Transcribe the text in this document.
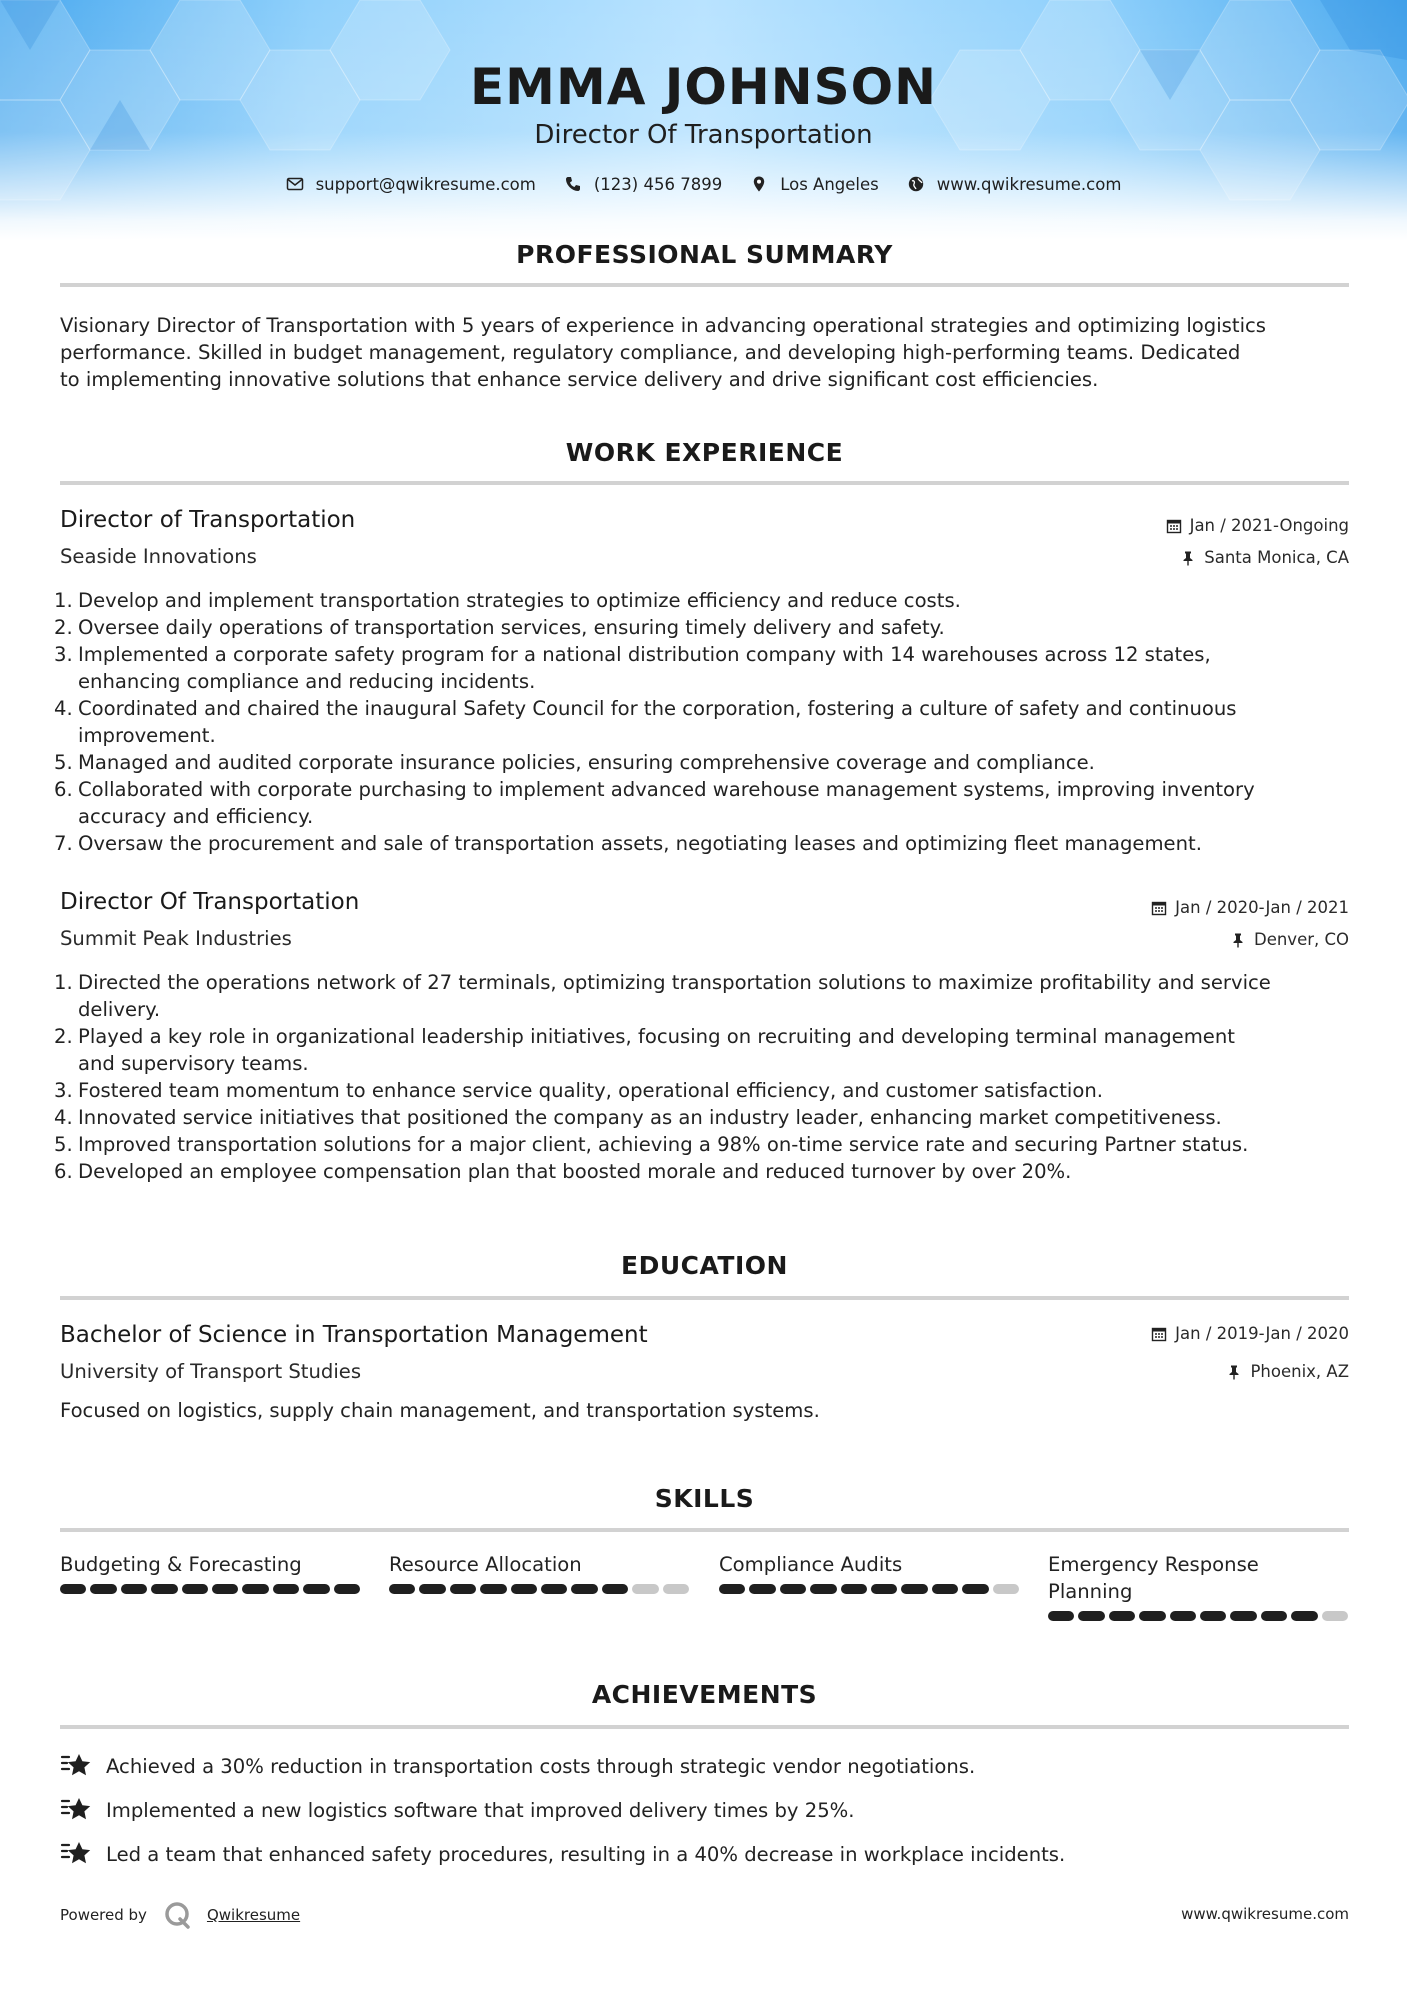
EMMA JOHNSON
Director Of Transportation
support@qwikresume.com	(123) 456 7899	Los Angeles	www.qwikresume.com
PROFESSIONAL SUMMARY
Visionary Director of Transportation with 5 years of experience in advancing operational strategies and optimizing logistics
performance. Skilled in budget management, regulatory compliance, and developing high-performing teams. Dedicated
to implementing innovative solutions that enhance service delivery and drive significant cost efficiencies.
WORK EXPERIENCE
Director of Transportation	Jan / 2021-Ongoing
Seaside Innovations	Santa Monica, CA
1. Develop and implement transportation strategies to optimize efficiency and reduce costs.
2. Oversee daily operations of transportation services, ensuring timely delivery and safety.
3. Implemented a corporate safety program for a national distribution company with 14 warehouses across 12 states,
enhancing compliance and reducing incidents.
4. Coordinated and chaired the inaugural Safety Council for the corporation, fostering a culture of safety and continuous
improvement.
5. Managed and audited corporate insurance policies, ensuring comprehensive coverage and compliance.
6. Collaborated with corporate purchasing to implement advanced warehouse management systems, improving inventory
accuracy and efficiency.
7. Oversaw the procurement and sale of transportation assets, negotiating leases and optimizing fleet management.
Director Of Transportation	Jan / 2020-Jan / 2021
Summit Peak Industries	Denver, CO
1. Directed the operations network of 27 terminals, optimizing transportation solutions to maximize profitability and service
delivery.
2. Played a key role in organizational leadership initiatives, focusing on recruiting and developing terminal management
and supervisory teams.
3. Fostered team momentum to enhance service quality, operational efficiency, and customer satisfaction.
4. Innovated service initiatives that positioned the company as an industry leader, enhancing market competitiveness.
5. Improved transportation solutions for a major client, achieving a 98% on-time service rate and securing Partner status.
6. Developed an employee compensation plan that boosted morale and reduced turnover by over 20%.
EDUCATION
Bachelor of Science in Transportation Management	Jan / 2019-Jan / 2020
University of Transport Studies	Phoenix, AZ
Focused on logistics, supply chain management, and transportation systems.
SKILLS
Budgeting & Forecasting	Resource Allocation	Compliance Audits	Emergency Response
Planning
ACHIEVEMENTS
Achieved a 30% reduction in transportation costs through strategic vendor negotiations.
Implemented a new logistics software that improved delivery times by 25%.
Led a team that enhanced safety procedures, resulting in a 40% decrease in workplace incidents.
Powered by	Qwikresume	www.qwikresume.com
